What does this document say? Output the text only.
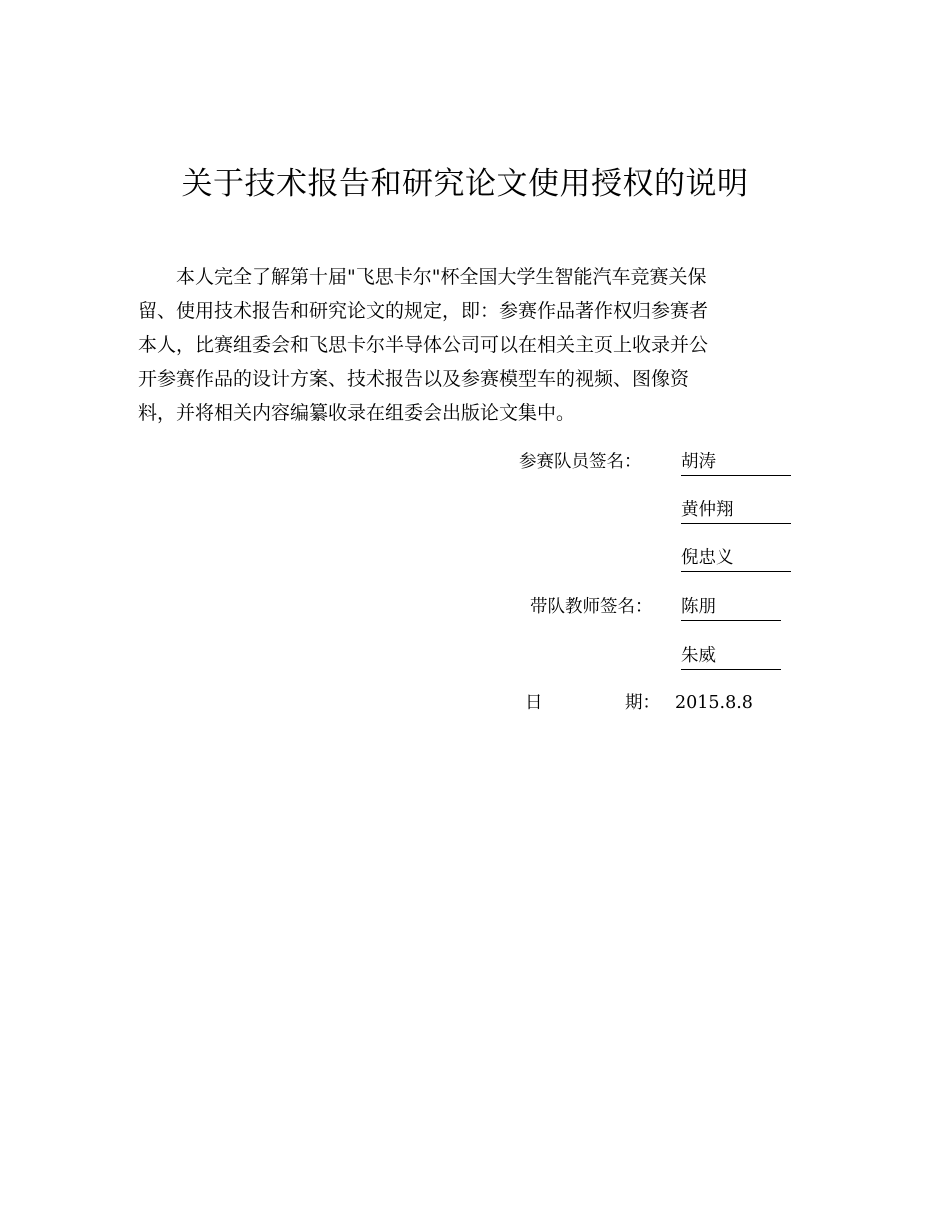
关于技术报告和研究论文使用授权的说明

本人完全了解第十届"飞思卡尔"杯全国大学生智能汽车竞赛关保
留、使用技术报告和研究论文的规定，即：参赛作品著作权归参赛者
本人，比赛组委会和飞思卡尔半导体公司可以在相关主页上收录并公
开参赛作品的设计方案、技术报告以及参赛模型车的视频、图像资
料，并将相关内容编纂收录在组委会出版论文集中。

参赛队员签名： 胡涛
黄仲翔
倪忠义
带队教师签名： 陈朋
朱威
日	期： 2015.8.8
